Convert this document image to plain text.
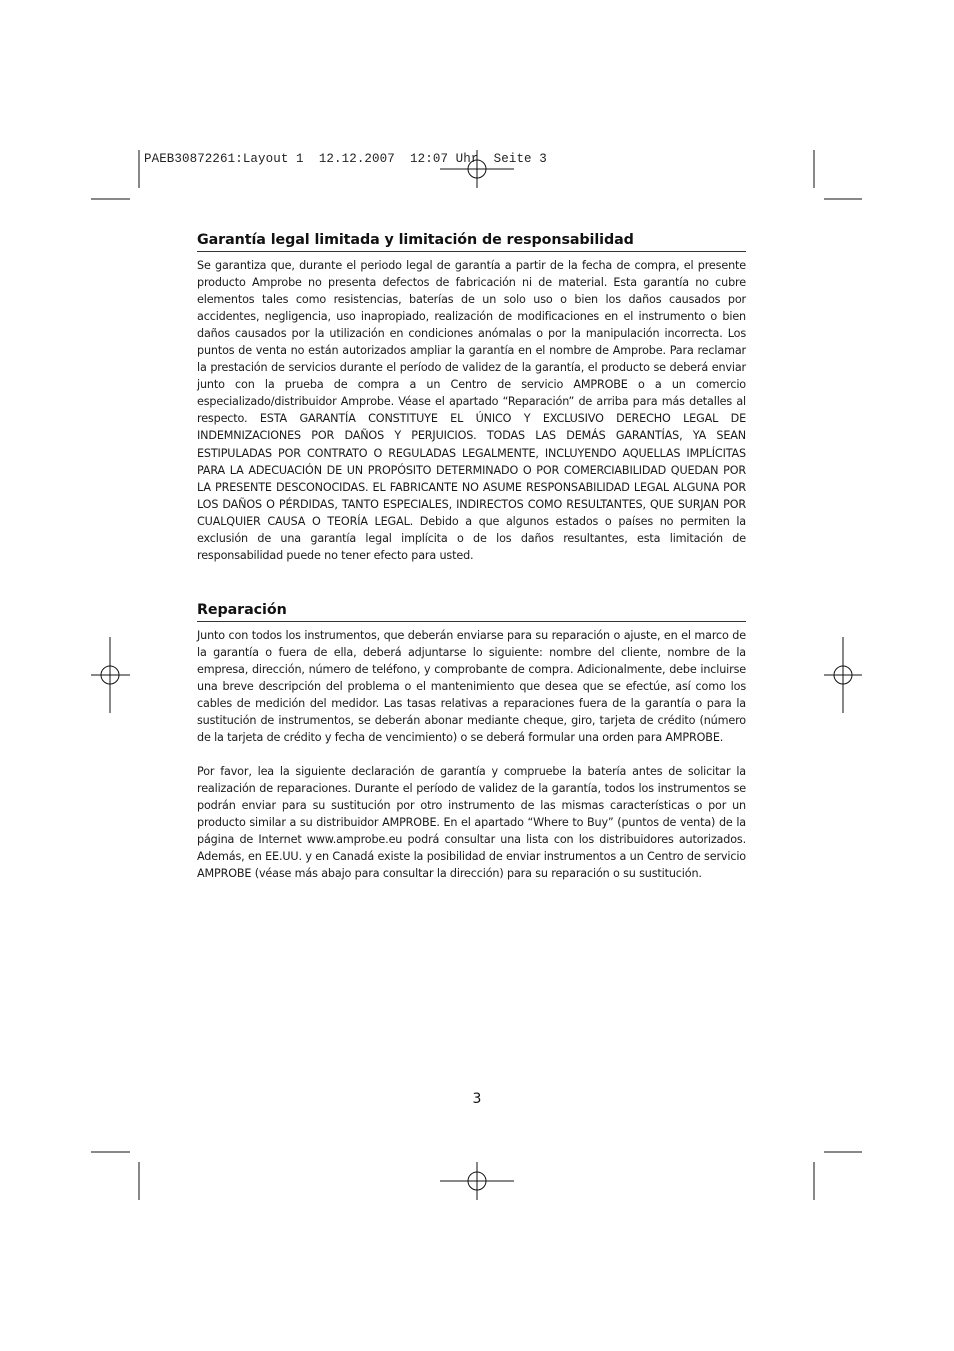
PAEB30872261:Layout 1  12.12.2007  12:07 Uhr  Seite 3
Garantía legal limitada y limitación de responsabilidad

Se garantiza que, durante el periodo legal de garantía a partir de la fecha de compra, el presente producto Amprobe no presenta defectos de fabricación ni de material. Esta garantía no cubre elementos tales como resistencias, baterías de un solo uso o bien los daños causados por accidentes, negligencia, uso inapropiado, realización de modificaciones en el instrumento o bien daños causados por la utilización en condiciones anómalas o por la manipulación incorrecta. Los puntos de venta no están autorizados ampliar la garantía en el nombre de Amprobe. Para reclamar la prestación de servicios durante el período de validez de la garantía, el producto se deberá enviar junto con la prueba de compra a un Centro de servicio AMPROBE o a un comercio especializado/distribuidor Amprobe. Véase el apartado “Reparación” de arriba para más detalles al respecto. ESTA GARANTÍA CONSTITUYE EL ÚNICO Y EXCLUSIVO DERECHO LEGAL DE INDEMNIZACIONES POR DAÑOS Y PERJUICIOS. TODAS LAS DEMÁS GARANTÍAS, YA SEAN ESTIPULADAS POR CONTRATO O REGULADAS LEGALMENTE, INCLUYENDO AQUELLAS IMPLÍCITAS PARA LA ADECUACIÓN DE UN PROPÓSITO DETERMINADO O POR COMERCIABILIDAD QUEDAN POR LA PRESENTE DESCONOCIDAS. EL FABRICANTE NO ASUME RESPONSABILIDAD LEGAL ALGUNA POR LOS DAÑOS O PÉRDIDAS, TANTO ESPECIALES, INDIRECTOS COMO RESULTANTES, QUE SURJAN POR CUALQUIER CAUSA O TEORÍA LEGAL. Debido a que algunos estados o países no permiten la exclusión de una garantía legal implícita o de los daños resultantes, esta limitación de responsabilidad puede no tener efecto para usted.

Reparación

Junto con todos los instrumentos, que deberán enviarse para su reparación o ajuste, en el marco de la garantía o fuera de ella, deberá adjuntarse lo siguiente: nombre del cliente, nombre de la empresa, dirección, número de teléfono, y comprobante de compra. Adicionalmente, debe incluirse una breve descripción del problema o el mantenimiento que desea que se efectúe, así como los cables de medición del medidor. Las tasas relativas a reparaciones fuera de la garantía o para la sustitución de instrumentos, se deberán abonar mediante cheque, giro, tarjeta de crédito (número de la tarjeta de crédito y fecha de vencimiento) o se deberá formular una orden para AMPROBE.

Por favor, lea la siguiente declaración de garantía y compruebe la batería antes de solicitar la realización de reparaciones. Durante el período de validez de la garantía, todos los instrumentos se podrán enviar para su sustitución por otro instrumento de las mismas características o por un producto similar a su distribuidor AMPROBE. En el apartado “Where to Buy” (puntos de venta) de la página de Internet www.amprobe.eu podrá consultar una lista con los distribuidores autorizados. Además, en EE.UU. y en Canadá existe la posibilidad de enviar instrumentos a un Centro de servicio AMPROBE (véase más abajo para consultar la dirección) para su reparación o su sustitución.

3
